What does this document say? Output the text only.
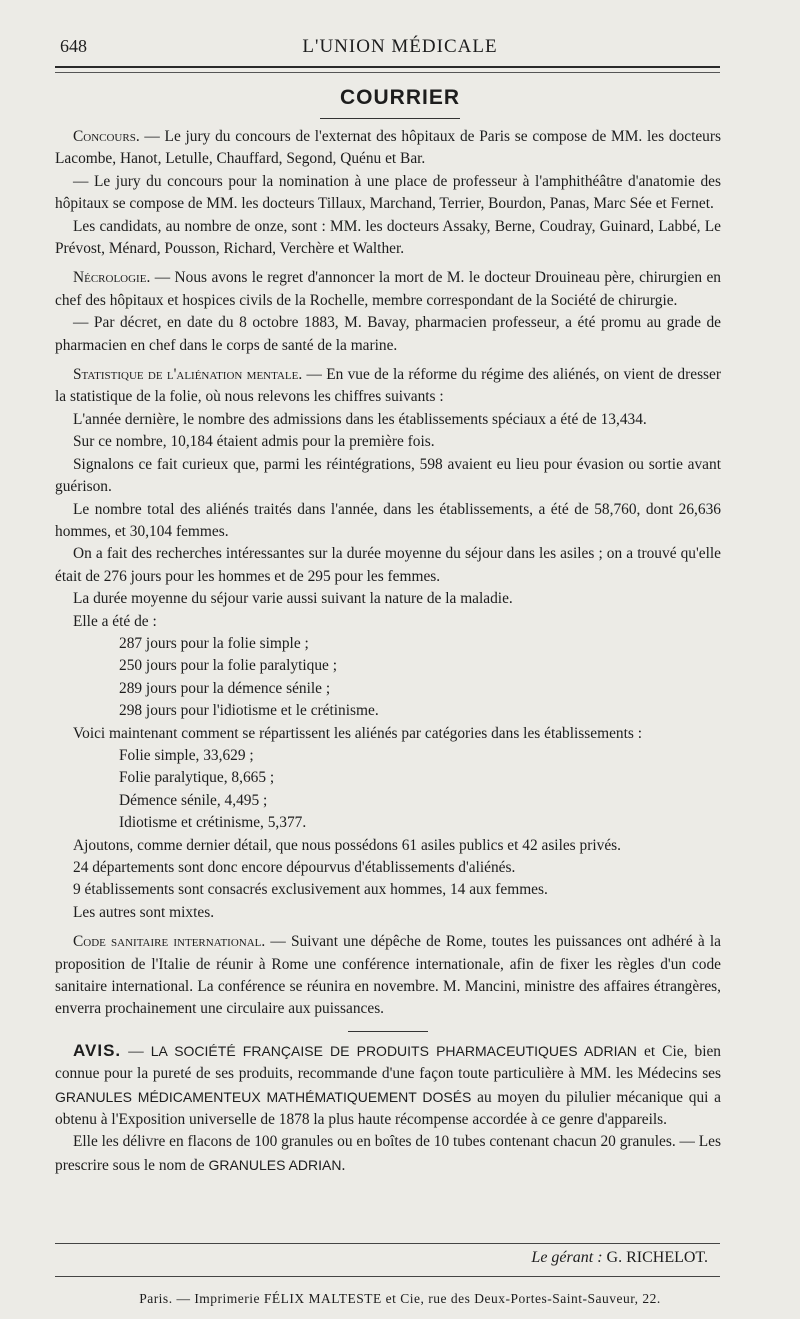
648	L'UNION MÉDICALE
COURRIER

Concours. — Le jury du concours de l'externat des hôpitaux de Paris se compose de MM. les docteurs Lacombe, Hanot, Letulle, Chauffard, Segond, Quénu et Bar.

— Le jury du concours pour la nomination à une place de professeur à l'amphithéâtre d'anatomie des hôpitaux se compose de MM. les docteurs Tillaux, Marchand, Terrier, Bourdon, Panas, Marc Sée et Fernet.

Les candidats, au nombre de onze, sont : MM. les docteurs Assaky, Berne, Coudray, Guinard, Labbé, Le Prévost, Ménard, Pousson, Richard, Verchère et Walther.

Nécrologie. — Nous avons le regret d'annoncer la mort de M. le docteur Drouineau père, chirurgien en chef des hôpitaux et hospices civils de la Rochelle, membre correspondant de la Société de chirurgie.

— Par décret, en date du 8 octobre 1883, M. Bavay, pharmacien professeur, a été promu au grade de pharmacien en chef dans le corps de santé de la marine.

Statistique de l'aliénation mentale. — En vue de la réforme du régime des aliénés, on vient de dresser la statistique de la folie, où nous relevons les chiffres suivants :

L'année dernière, le nombre des admissions dans les établissements spéciaux a été de 13,434.

Sur ce nombre, 10,184 étaient admis pour la première fois.

Signalons ce fait curieux que, parmi les réintégrations, 598 avaient eu lieu pour évasion ou sortie avant guérison.

Le nombre total des aliénés traités dans l'année, dans les établissements, a été de 58,760, dont 26,636 hommes, et 30,104 femmes.

On a fait des recherches intéressantes sur la durée moyenne du séjour dans les asiles ; on a trouvé qu'elle était de 276 jours pour les hommes et de 295 pour les femmes.

La durée moyenne du séjour varie aussi suivant la nature de la maladie.

Elle a été de :

287 jours pour la folie simple ;
250 jours pour la folie paralytique ;
289 jours pour la démence sénile ;
298 jours pour l'idiotisme et le crétinisme.

Voici maintenant comment se répartissent les aliénés par catégories dans les établissements :

Folie simple, 33,629 ;
Folie paralytique, 8,665 ;
Démence sénile, 4,495 ;
Idiotisme et crétinisme, 5,377.

Ajoutons, comme dernier détail, que nous possédons 61 asiles publics et 42 asiles privés.

24 départements sont donc encore dépourvus d'établissements d'aliénés.

9 établissements sont consacrés exclusivement aux hommes, 14 aux femmes.

Les autres sont mixtes.

Code sanitaire international. — Suivant une dépêche de Rome, toutes les puissances ont adhéré à la proposition de l'Italie de réunir à Rome une conférence internationale, afin de fixer les règles d'un code sanitaire international. La conférence se réunira en novembre. M. Mancini, ministre des affaires étrangères, enverra prochainement une circulaire aux puissances.

AVIS. — LA SOCIÉTÉ FRANÇAISE DE PRODUITS PHARMACEUTIQUES ADRIAN et Cie, bien connue pour la pureté de ses produits, recommande d'une façon toute particulière à MM. les Médecins ses GRANULES MÉDICAMENTEUX MATHÉMATIQUEMENT DOSÉS au moyen du pilulier mécanique qui a obtenu à l'Exposition universelle de 1878 la plus haute récompense accordée à ce genre d'appareils.

Elle les délivre en flacons de 100 granules ou en boîtes de 10 tubes contenant chacun 20 granules. — Les prescrire sous le nom de GRANULES ADRIAN.

Le gérant : G. RICHELOT.
Paris. — Imprimerie FÉLIX MALTESTE et Cie, rue des Deux-Portes-Saint-Sauveur, 22.
